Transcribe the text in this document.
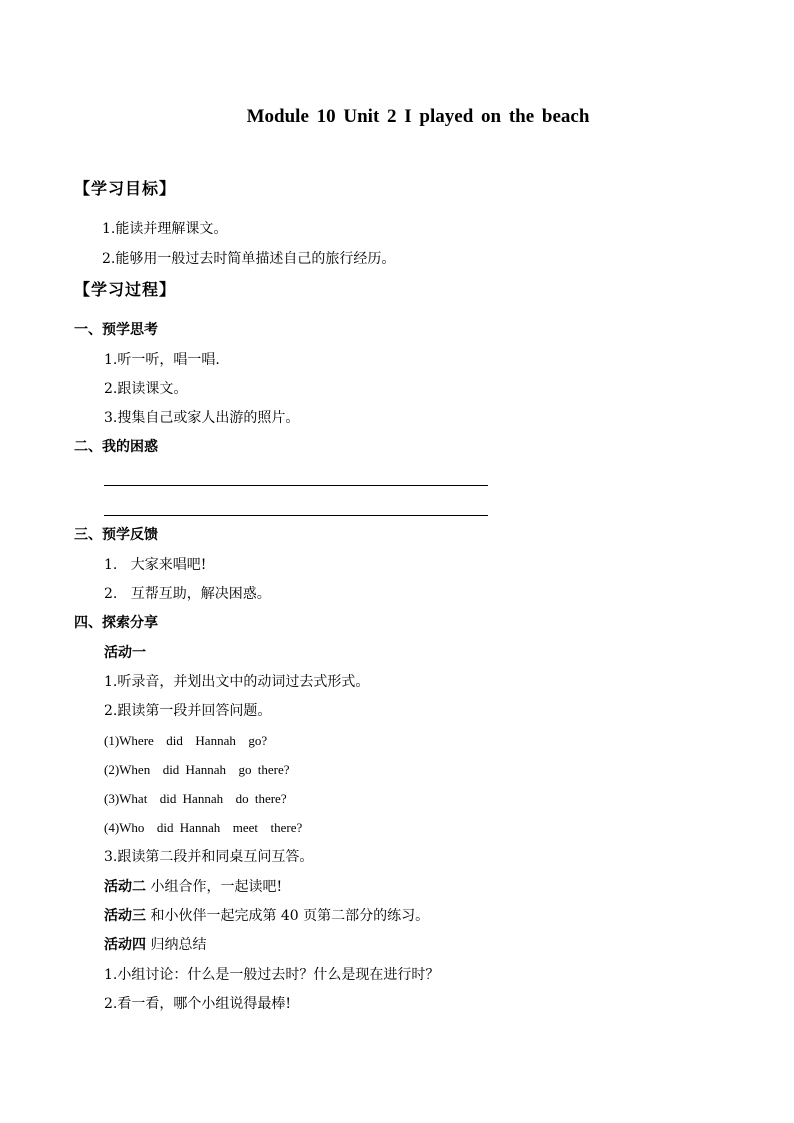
Module 10 Unit 2 I played on the beach
【学习目标】
1.能读并理解课文。
2.能够用一般过去时简单描述自己的旅行经历。
【学习过程】
一、预学思考
1.听一听，唱一唱.
2.跟读课文。
3.搜集自己或家人出游的照片。
二、我的困惑
三、预学反馈
1.   大家来唱吧!
2.   互帮互助，解决困惑。
四、探索分享
活动一
1.听录音，并划出文中的动词过去式形式。
2.跟读第一段并回答问题。
(1)Where  did  Hannah  go?
(2)When  did Hannah  go there?
(3)What  did Hannah  do there?
(4)Who  did Hannah  meet  there?
3.跟读第二段并和同桌互问互答。
活动二 小组合作，一起读吧!
活动三 和小伙伴一起完成第 40 页第二部分的练习。
活动四 归纳总结
1.小组讨论：什么是一般过去时？什么是现在进行时？
2.看一看，哪个小组说得最棒!
